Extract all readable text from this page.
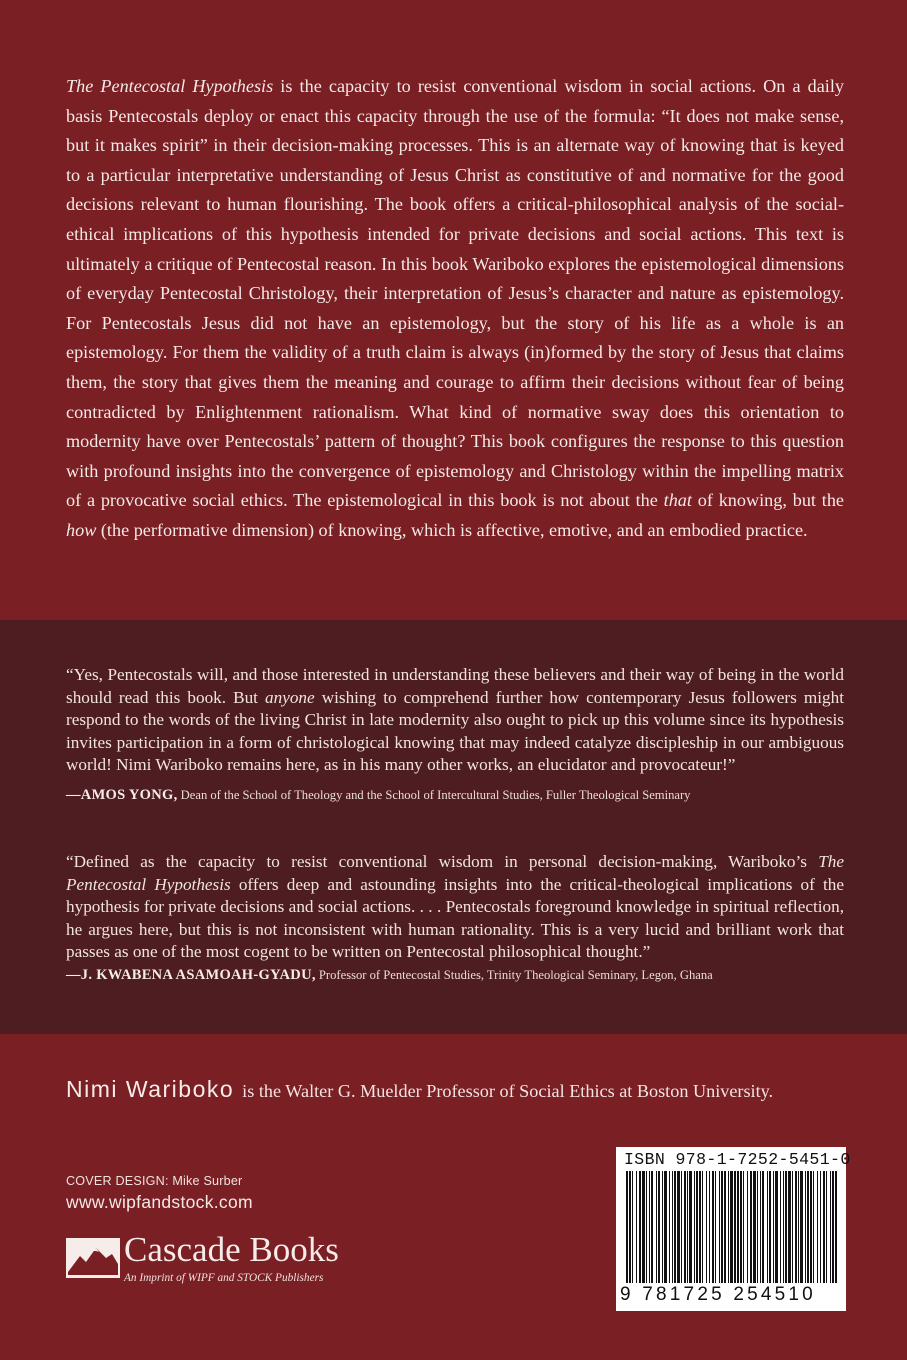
The Pentecostal Hypothesis is the capacity to resist conventional wisdom in social actions. On a daily basis Pentecostals deploy or enact this capacity through the use of the formula: “It does not make sense, but it makes spirit” in their decision-making processes. This is an alternate way of knowing that is keyed to a particular interpretative understanding of Jesus Christ as constitutive of and normative for the good decisions relevant to human flourishing. The book offers a critical-philosophical analysis of the social-ethical implications of this hypothesis intended for private decisions and social actions. This text is ultimately a critique of Pentecostal reason. In this book Wariboko explores the epistemological dimensions of everyday Pentecostal Christology, their interpretation of Jesus’s character and nature as epistemology. For Pentecostals Jesus did not have an epistemology, but the story of his life as a whole is an epistemology. For them the validity of a truth claim is always (in)formed by the story of Jesus that claims them, the story that gives them the meaning and courage to affirm their decisions without fear of being contradicted by Enlightenment rationalism. What kind of normative sway does this orientation to modernity have over Pentecostals’ pattern of thought? This book configures the response to this question with profound insights into the convergence of epistemology and Christology within the impelling matrix of a provocative social ethics. The epistemological in this book is not about the that of knowing, but the how (the performative dimension) of knowing, which is affective, emotive, and an embodied practice.

“Yes, Pentecostals will, and those interested in understanding these believers and their way of being in the world should read this book. But anyone wishing to comprehend further how contemporary Jesus followers might respond to the words of the living Christ in late modernity also ought to pick up this volume since its hypothesis invites participation in a form of christological knowing that may indeed catalyze discipleship in our ambiguous world! Nimi Wariboko remains here, as in his many other works, an elucidator and provocateur!”

—AMOS YONG, Dean of the School of Theology and the School of Intercultural Studies, Fuller Theological Seminary

“Defined as the capacity to resist conventional wisdom in personal decision-making, Wariboko’s The Pentecostal Hypothesis offers deep and astounding insights into the critical-theological implications of the hypothesis for private decisions and social actions. . . . Pentecostals foreground knowledge in spiritual reflection, he argues here, but this is not inconsistent with human rationality. This is a very lucid and brilliant work that passes as one of the most cogent to be written on Pentecostal philosophical thought.”

—J. KWABENA ASAMOAH-GYADU, Professor of Pentecostal Studies, Trinity Theological Seminary, Legon, Ghana
Nimi Wariboko is the Walter G. Muelder Professor of Social Ethics at Boston University.
COVER DESIGN: Mike Surber
www.wipfandstock.com
Cascade Books
An Imprint of WIPF and STOCK Publishers
ISBN 978-1-7252-5451-0
9 781725 254510
